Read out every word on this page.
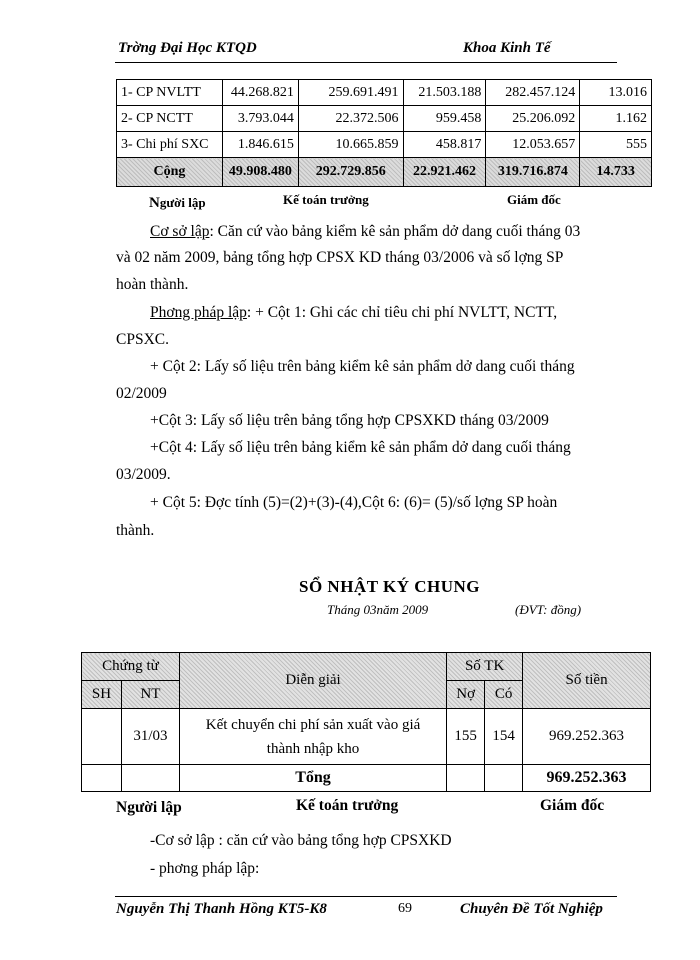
Trờng Đại Học KTQD	Khoa Kinh Tế
1- CP NVLTT	44.268.821	259.691.491	21.503.188	282.457.124	13.016
2- CP NCTT	3.793.044	22.372.506	959.458	25.206.092	1.162
3- Chi phí SXC	1.846.615	10.665.859	458.817	12.053.657	555
Cộng	49.908.480	292.729.856	22.921.462	319.716.874	14.733
Người lập	Kế toán trưởng	Giám đốc
Cơ sở lập: Căn cứ vào bảng kiểm kê sản phẩm dở dang cuối tháng 03
và 02 năm 2009, bảng tổng hợp CPSX KD tháng 03/2006 và số lợng SP
hoàn thành.
Phơng pháp lập: + Cột 1: Ghi các chỉ tiêu chi phí NVLTT, NCTT,
CPSXC.
+ Cột 2: Lấy số liệu trên bảng kiểm kê sản phẩm dở dang cuối tháng
02/2009
+Cột 3: Lấy số liệu trên bảng tổng hợp CPSXKD tháng 03/2009
+Cột 4: Lấy số liệu trên bảng kiểm kê sản phẩm dở dang cuối tháng
03/2009.
+ Cột 5: Đợc tính (5)=(2)+(3)-(4),Cột 6: (6)= (5)/số lợng SP hoàn
thành.
SỔ NHẬT KÝ CHUNG
Tháng 03năm 2009	(ĐVT: đồng)
Chứng từ		Diễn giải	Số TK		Số tiền
SH	NT		Nợ	Có	
	31/03	Kết chuyển chi phí sản xuất vào giá
thành nhập kho	155	154	969.252.363
		Tổng			969.252.363
Người lập	Kế toán trưởng	Giám đốc
-Cơ sở lập : căn cứ vào bảng tổng hợp CPSXKD
- phơng pháp lập:
Nguyễn Thị Thanh Hồng KT5-K8	69	Chuyên Đề Tốt Nghiệp
